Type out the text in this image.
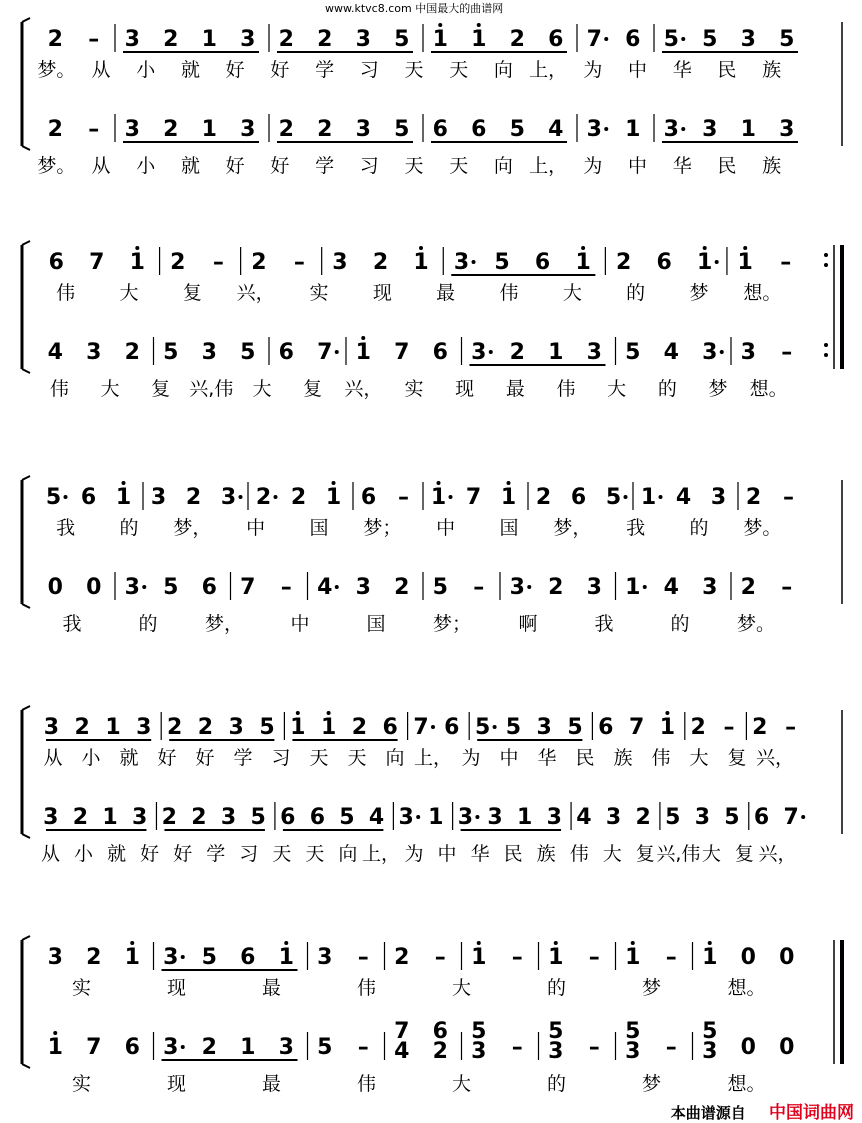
www.ktvc8.com 中国最大的曲谱网
2 – 3 2 1 3 2 2 3 5 1 1 2 6 7 6 5 5 3 5
梦。 从 小 就 好 好 学 习 天 天 向 上， 为 中 华 民 族
2 – 3 2 1 3 2 2 3 5 6 6 5 4 3 1 3 3 1 3
梦。 从 小 就 好 好 学 习 天 天 向 上， 为 中 华 民 族
6 7 1 2 – 2 – 3 2 1 3 5 6 1 2 6 1 1 –
伟 大 复 兴， 实 现 最 伟 大 的 梦 想。
4 3 2 5 3 5 6 7 1 7 6 3 2 1 3 5 4 3 3 –
伟 大 复 兴,伟 大 复 兴， 实 现 最 伟 大 的 梦 想。
5 6 1 3 2 3 2 2 1 6 – 1 7 1 2 6 5 1 4 3 2 –
我 的 梦， 中 国 梦； 中 国 梦， 我 的 梦。
0 0 3 5 6 7 – 4 3 2 5 – 3 2 3 1 4 3 2 –
我	的 梦， 中	国 梦； 啊	我	的 梦。
3 2 1 3 2 2 3 5 1 1 2 6 7 6 5 5 3 5 6 7 1 2 – 2 –
从 小 就 好 好 学 习 天 天 向 上， 为 中 华 民 族 伟 大 复 兴，
3 2 1 3 2 2 3 5 6 6 5 4 3 1 3 3 1 3 4 3 2 5 3 5 6 7
从 小 就 好 好 学 习 天 天 向 上， 为 中 华 民 族 伟 大 复 兴,伟 大 复 兴，
3 2 1 3 5 6 1 3 – 2 – 1 – 1 – 1 – 1 0 0
实	现	最	伟	大	的	梦	想。
1 7 6 3 2 1 3 5 –
7
4
6
2
5
3 –
5
3 –
5
3 –
5
3 0 0
实	现	最	伟	大	的	梦	想。
本曲谱源自 中国词曲网
